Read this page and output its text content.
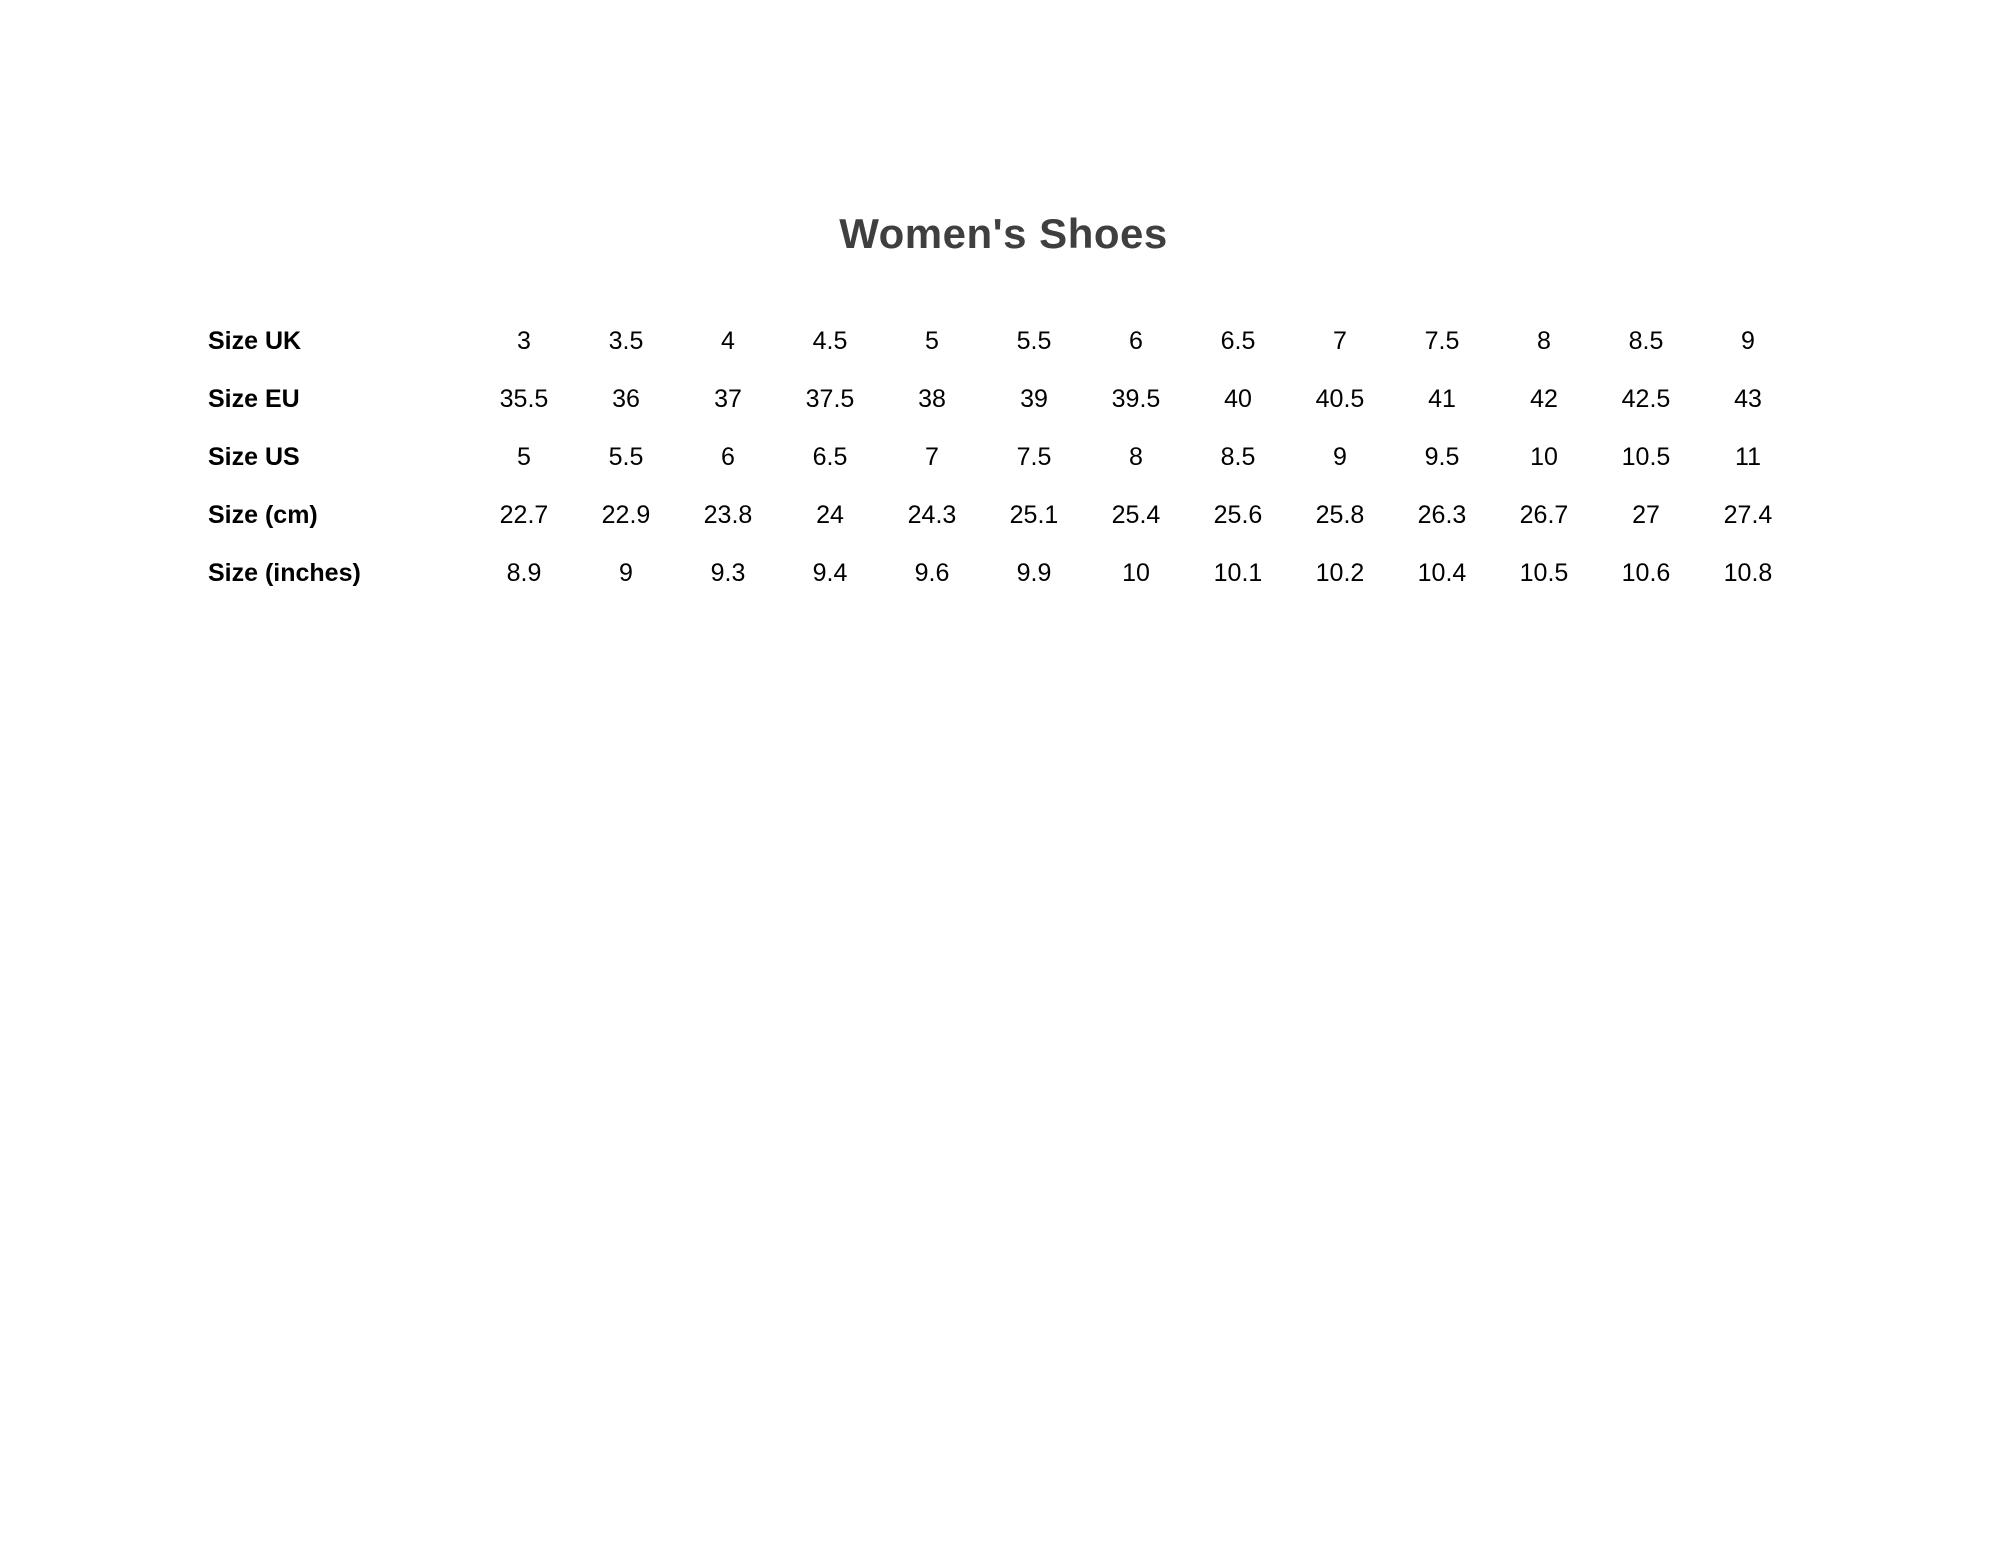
Women's Shoes
Size UK	3	3.5	4	4.5	5	5.5	6	6.5	7	7.5	8	8.5	9
Size EU	35.5	36	37	37.5	38	39	39.5	40	40.5	41	42	42.5	43
Size US	5	5.5	6	6.5	7	7.5	8	8.5	9	9.5	10	10.5	11
Size (cm)	22.7	22.9	23.8	24	24.3	25.1	25.4	25.6	25.8	26.3	26.7	27	27.4
Size (inches)	8.9	9	9.3	9.4	9.6	9.9	10	10.1	10.2	10.4	10.5	10.6	10.8
